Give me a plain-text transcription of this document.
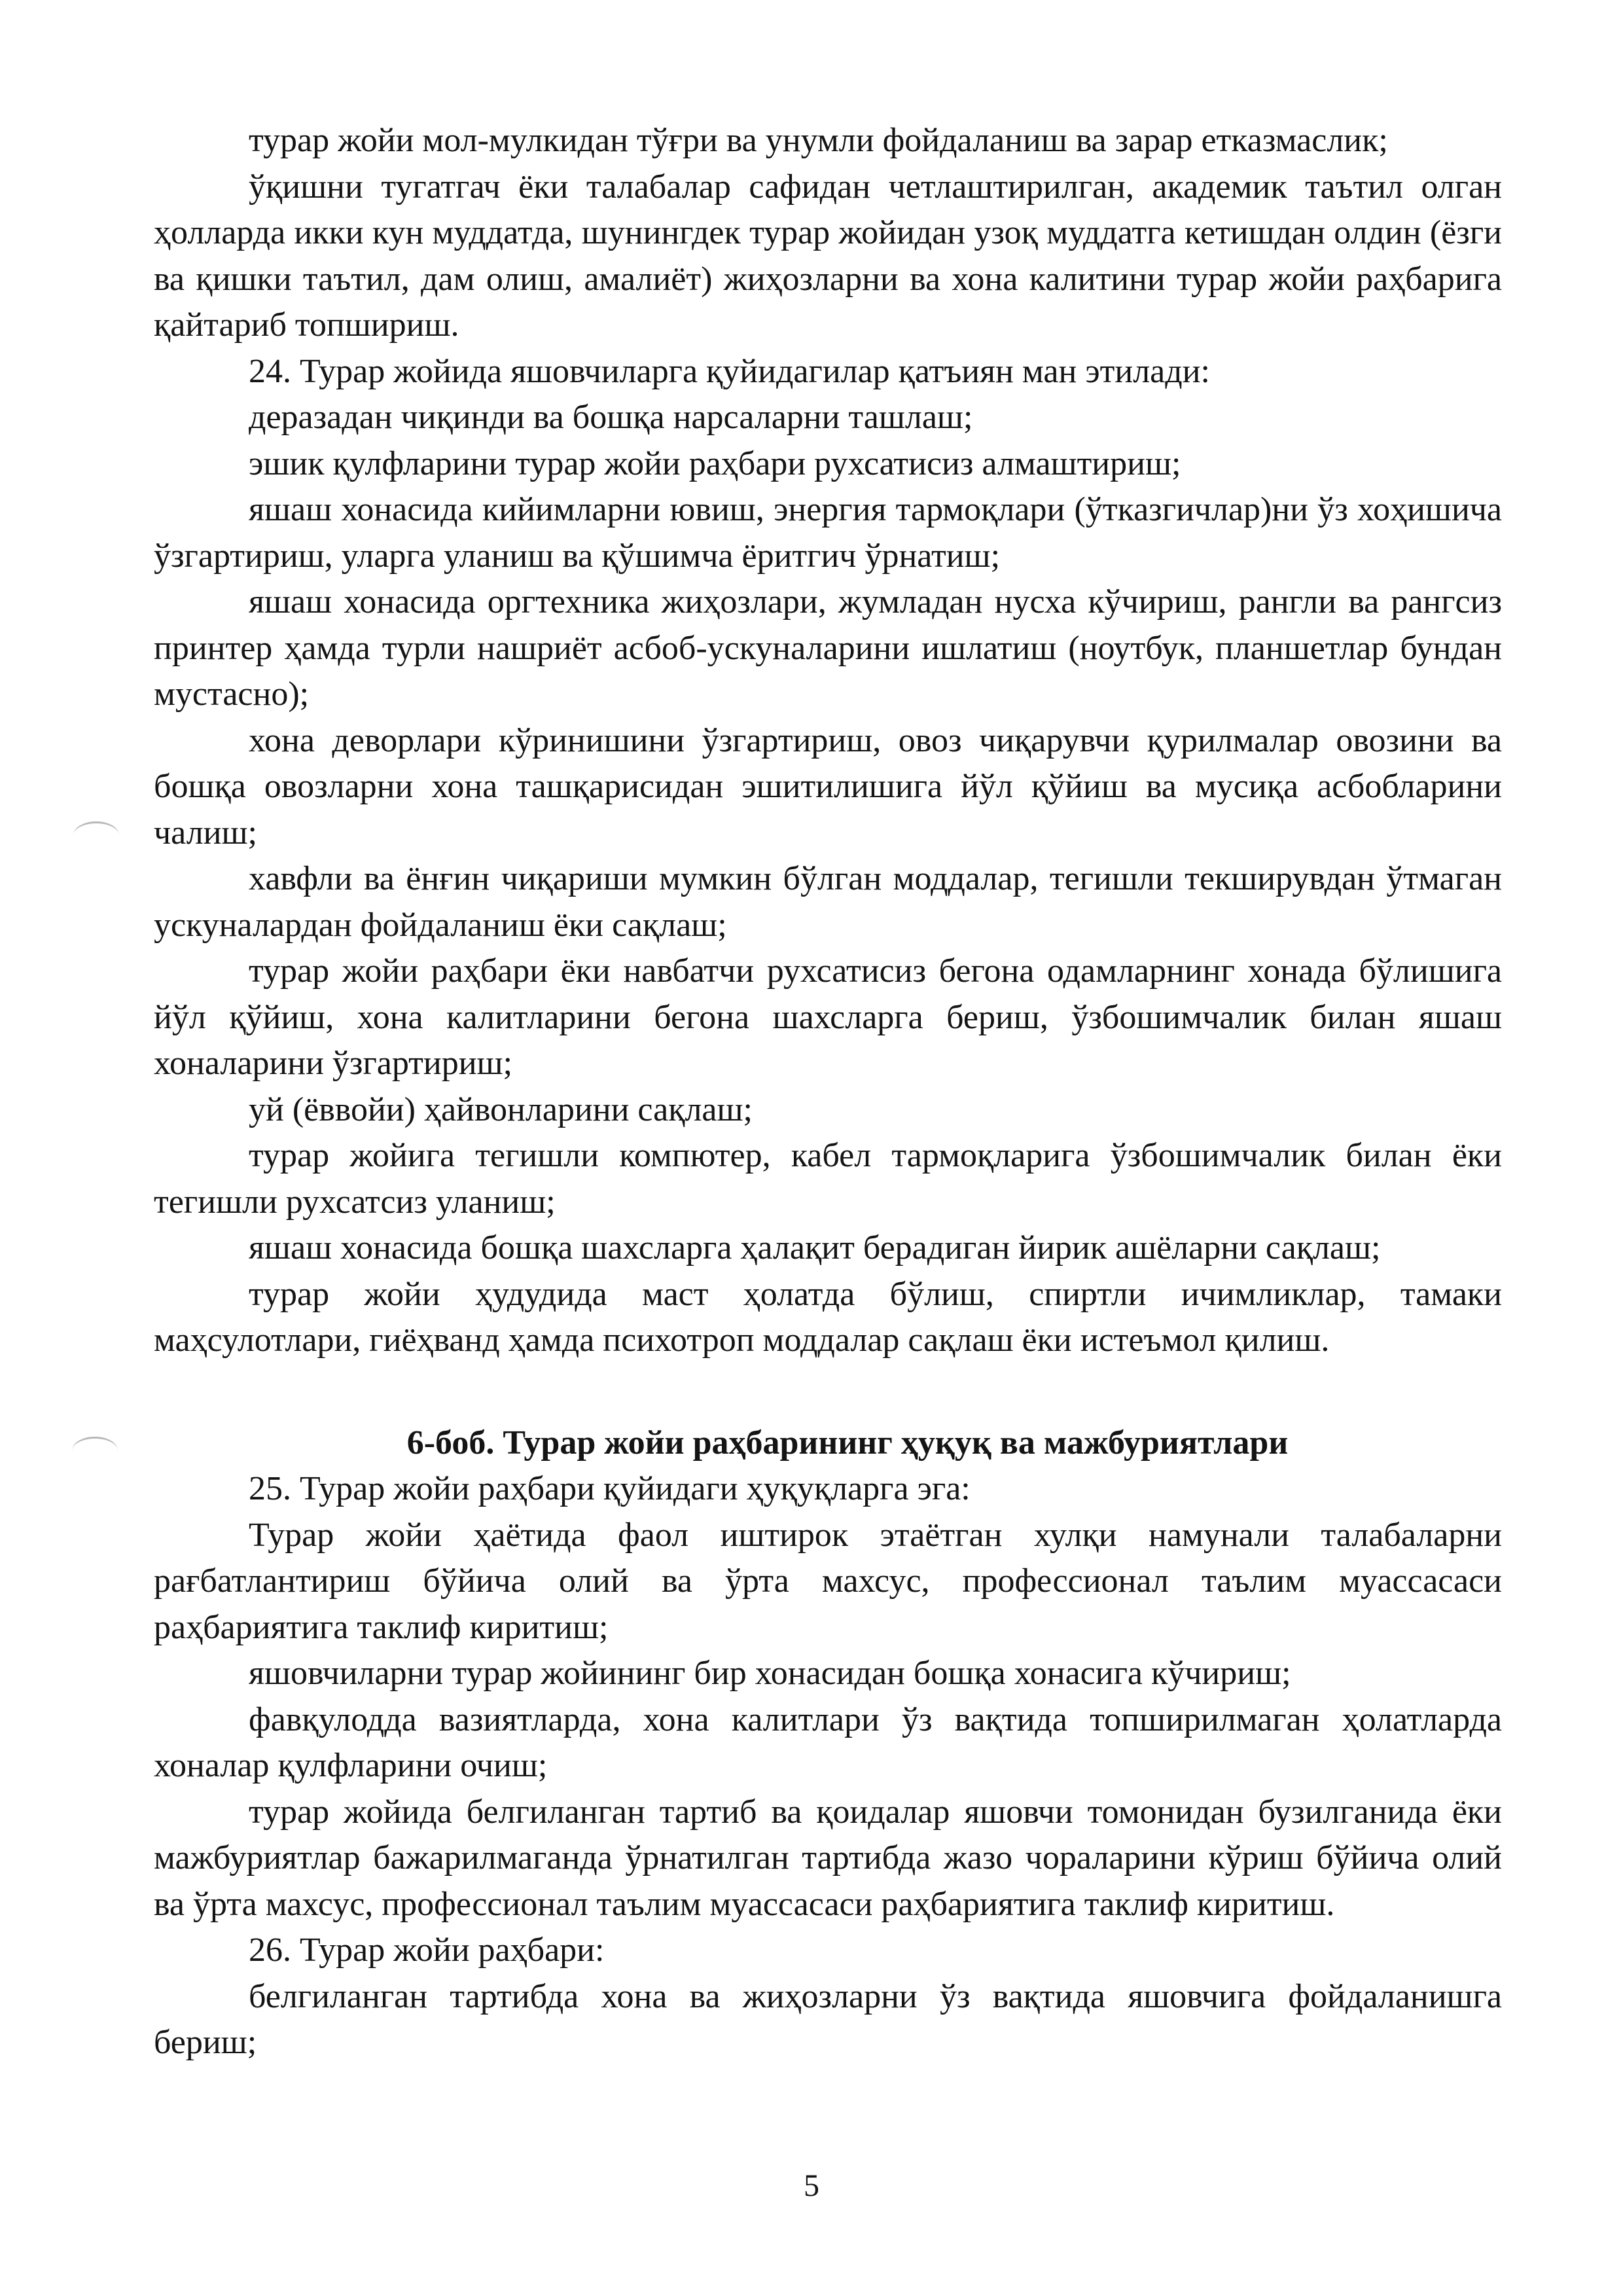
турар жойи мол-мулкидан тўғри ва унумли фойдаланиш ва зарар етказмаслик;

ўқишни тугатгач ёки талабалар сафидан четлаштирилган, академик таътил олган ҳолларда икки кун муддатда, шунингдек турар жойидан узоқ муддатга кетишдан олдин (ёзги ва қишки таътил, дам олиш, амалиёт) жиҳозларни ва хона калитини турар жойи раҳбарига қайтариб топшириш.

24. Турар жойида яшовчиларга қуйидагилар қатъиян ман этилади:

деразадан чиқинди ва бошқа нарсаларни ташлаш;

эшик қулфларини турар жойи раҳбари рухсатисиз алмаштириш;

яшаш хонасида кийимларни ювиш, энергия тармоқлари (ўтказгичлар)ни ўз хоҳишича ўзгартириш, уларга уланиш ва қўшимча ёритгич ўрнатиш;

яшаш хонасида оргтехника жиҳозлари, жумладан нусха кўчириш, рангли ва рангсиз принтер ҳамда турли нашриёт асбоб-ускуналарини ишлатиш (ноутбук, планшетлар бундан мустасно);

хона деворлари кўринишини ўзгартириш, овоз чиқарувчи қурилмалар овозини ва бошқа овозларни хона ташқарисидан эшитилишига йўл қўйиш ва мусиқа асбобларини чалиш;

хавфли ва ёнғин чиқариши мумкин бўлган моддалар, тегишли текширувдан ўтмаган ускуналардан фойдаланиш ёки сақлаш;

турар жойи раҳбари ёки навбатчи рухсатисиз бегона одамларнинг хонада бўлишига йўл қўйиш, хона калитларини бегона шахсларга бериш, ўзбошимчалик билан яшаш хоналарини ўзгартириш;

уй (ёввойи) ҳайвонларини сақлаш;

турар жойига тегишли компютер, кабел тармоқларига ўзбошимчалик билан ёки тегишли рухсатсиз уланиш;

яшаш хонасида бошқа шахсларга ҳалақит берадиган йирик ашёларни сақлаш;

турар жойи ҳудудида маст ҳолатда бўлиш, спиртли ичимликлар, тамаки маҳсулотлари, гиёҳванд ҳамда психотроп моддалар сақлаш ёки истеъмол қилиш.

6-боб. Турар жойи раҳбарининг ҳуқуқ ва мажбуриятлари

25. Турар жойи раҳбари қуйидаги ҳуқуқларга эга:

Турар жойи ҳаётида фаол иштирок этаётган хулқи намунали талабаларни рағбатлантириш бўйича олий ва ўрта махсус, профессионал таълим муассасаси раҳбариятига таклиф киритиш;

яшовчиларни турар жойининг бир хонасидан бошқа хонасига кўчириш;

фавқулодда вазиятларда, хона калитлари ўз вақтида топширилмаган ҳолатларда хоналар қулфларини очиш;

турар жойида белгиланган тартиб ва қоидалар яшовчи томонидан бузилганида ёки мажбуриятлар бажарилмаганда ўрнатилган тартибда жазо чораларини кўриш бўйича олий ва ўрта махсус, профессионал таълим муассасаси раҳбариятига таклиф киритиш.

26. Турар жойи раҳбари:

белгиланган тартибда хона ва жиҳозларни ўз вақтида яшовчига фойдаланишга бериш;

5
